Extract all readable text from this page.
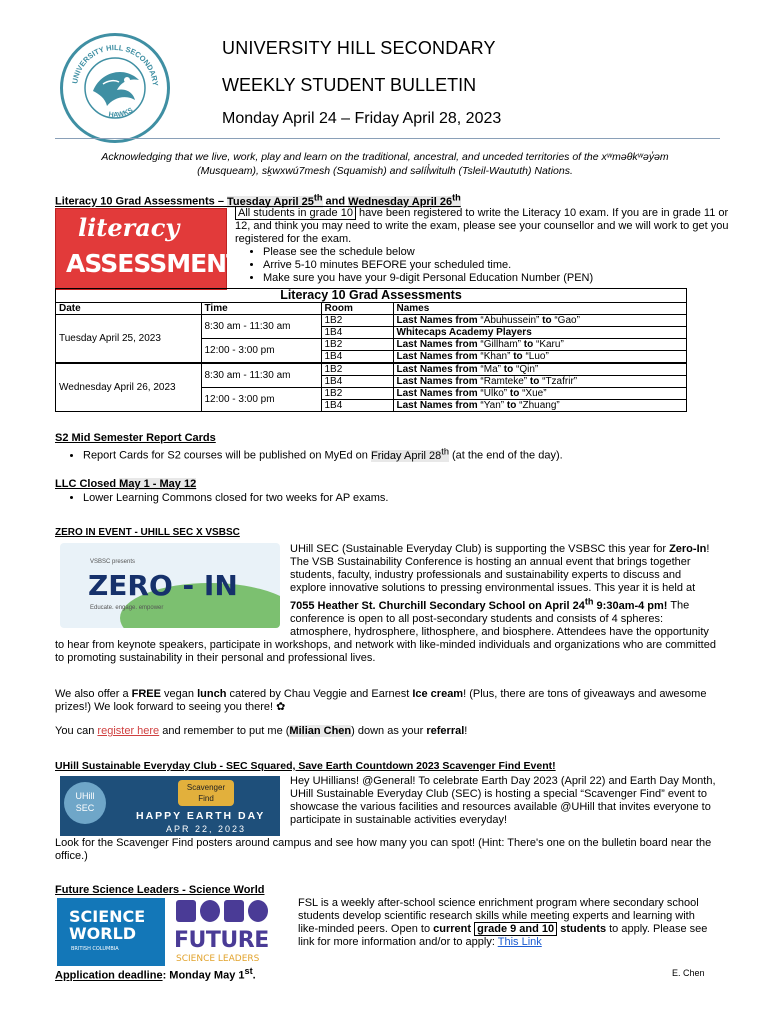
UNIVERSITY HILL SECONDARY
HAWKS
UNIVERSITY HILL SECONDARY
WEEKLY STUDENT BULLETIN
Monday April 24 – Friday April 28, 2023
Acknowledging that we live, work, play and learn on the traditional, ancestral, and unceded territories of the xʷməθkʷəy̓əm (Musqueam), sḵwxwú7mesh (Squamish) and səlíl̓witulh (Tsleil-Waututh) Nations.
Literacy 10 Grad Assessments – Tuesday April 25th and Wednesday April 26th
literacy
ASSESSMENT
All students in grade 10 have been registered to write the Literacy 10 exam. If you are in grade 11 or 12, and think you may need to write the exam, please see your counsellor and we will work to get you registered for the exam.
• Please see the schedule below
• Arrive 5-10 minutes BEFORE your scheduled time.
• Make sure you have your 9-digit Personal Education Number (PEN)
Literacy 10 Grad Assessments
Date	Time	Room	Names
Tuesday April 25, 2023	8:30 am - 11:30 am	1B2	Last Names from “Abuhussein” to “Gao”
		1B4	Whitecaps Academy Players
	12:00 - 3:00 pm	1B2	Last Names from “Gillham” to “Karu”
		1B4	Last Names from “Khan” to “Luo”
Wednesday April 26, 2023	8:30 am - 11:30 am	1B2	Last Names from “Ma” to “Qin”
		1B4	Last Names from “Ramteke” to “Tzafrir”
	12:00 - 3:00 pm	1B2	Last Names from “Ulko” to “Xue”
		1B4	Last Names from “Yan” to “Zhuang”
S2 Mid Semester Report Cards
• Report Cards for S2 courses will be published on MyEd on Friday April 28th (at the end of the day).
LLC Closed May 1 - May 12
• Lower Learning Commons closed for two weeks for AP exams.
ZERO IN EVENT - UHILL SEC X VSBSC
VSBSC presents
ZERO - IN
Educate. engage. empower
UHill SEC (Sustainable Everyday Club) is supporting the VSBSC this year for Zero-In! The VSB Sustainability Conference is hosting an annual event that brings together students, faculty, industry professionals and sustainability experts to discuss and explore innovative solutions to pressing environmental issues. This year it is held at 7055 Heather St. Churchill Secondary School on April 24th 9:30am-4 pm! The conference is open to all post-secondary students and consists of 4 spheres: atmosphere, hydrosphere, lithosphere, and biosphere. Attendees have the opportunity to hear from keynote speakers, participate in workshops, and network with like-minded individuals and organizations who are committed to promoting sustainability in their personal and professional lives.
We also offer a FREE vegan lunch catered by Chau Veggie and Earnest Ice cream! (Plus, there are tons of giveaways and awesome prizes!) We look forward to seeing you there! ✿
You can register here and remember to put me (Milian Chen) down as your referral!
UHill Sustainable Everyday Club - SEC Squared, Save Earth Countdown 2023 Scavenger Find Event!
UHill
SEC
Scavenger
Find
HAPPY EARTH DAY
APR 22, 2023
Hey UHillians! @General! To celebrate Earth Day 2023 (April 22) and Earth Day Month, UHill Sustainable Everyday Club (SEC) is hosting a special “Scavenger Find” event to showcase the various facilities and resources available @UHill that invites everyone to participate in sustainable activities everyday!
Look for the Scavenger Find posters around campus and see how many you can spot! (Hint: There's one on the bulletin board near the office.)
Future Science Leaders - Science World
SCIENCE
WORLD
BRITISH COLUMBIA	FUTURE
SCIENCE LEADERS
FSL is a weekly after-school science enrichment program where secondary school students develop scientific research skills while meeting experts and learning with like-minded peers. Open to current grade 9 and 10 students to apply. Please see link for more information and/or to apply: This Link
Application deadline: Monday May 1st.	E. Chen
